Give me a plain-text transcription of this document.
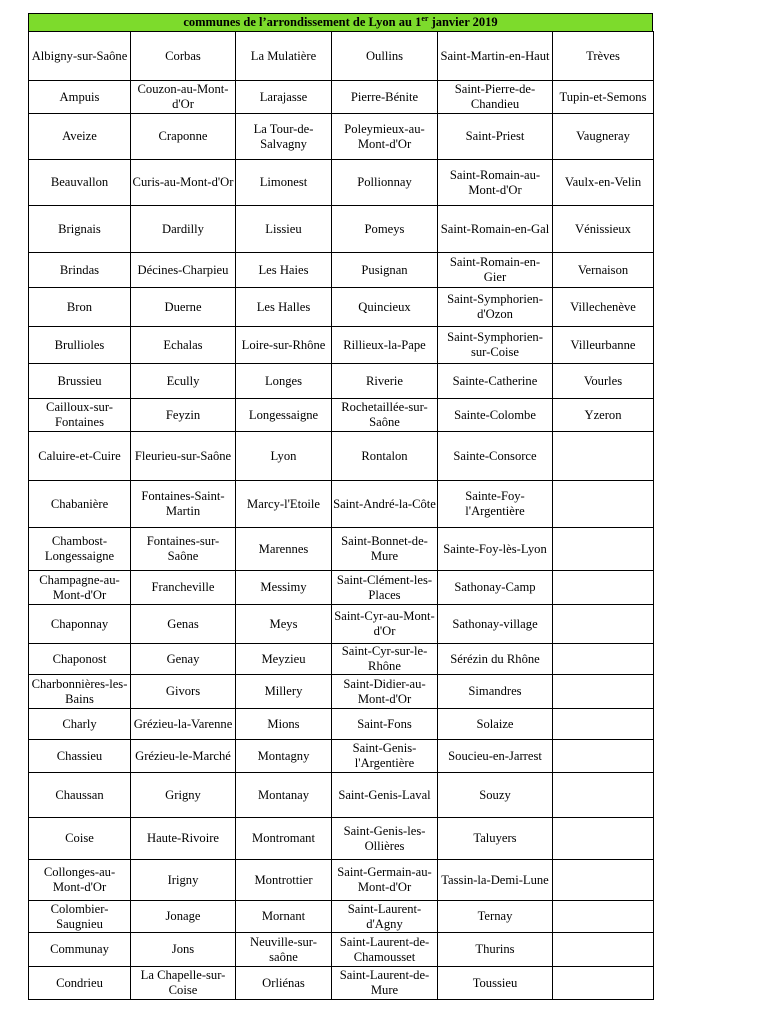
communes de l’arrondissement de Lyon au 1er janvier 2019
Albigny-sur-Saône	Corbas	La Mulatière	Oullins	Saint-Martin-en-Haut	Trèves
Ampuis	Couzon-au-Mont-d'Or	Larajasse	Pierre-Bénite	Saint-Pierre-de-Chandieu	Tupin-et-Semons
Aveize	Craponne	La Tour-de-Salvagny	Poleymieux-au-Mont-d'Or	Saint-Priest	Vaugneray
Beauvallon	Curis-au-Mont-d'Or	Limonest	Pollionnay	Saint-Romain-au-Mont-d'Or	Vaulx-en-Velin
Brignais	Dardilly	Lissieu	Pomeys	Saint-Romain-en-Gal	Vénissieux
Brindas	Décines-Charpieu	Les Haies	Pusignan	Saint-Romain-en-Gier	Vernaison
Bron	Duerne	Les Halles	Quincieux	Saint-Symphorien-d'Ozon	Villechenève
Brullioles	Echalas	Loire-sur-Rhône	Rillieux-la-Pape	Saint-Symphorien-sur-Coise	Villeurbanne
Brussieu	Ecully	Longes	Riverie	Sainte-Catherine	Vourles
Cailloux-sur-Fontaines	Feyzin	Longessaigne	Rochetaillée-sur-Saône	Sainte-Colombe	Yzeron
Caluire-et-Cuire	Fleurieu-sur-Saône	Lyon	Rontalon	Sainte-Consorce	
Chabanière	Fontaines-Saint-Martin	Marcy-l'Etoile	Saint-André-la-Côte	Sainte-Foy-l'Argentière	
Chambost-Longessaigne	Fontaines-sur-Saône	Marennes	Saint-Bonnet-de-Mure	Sainte-Foy-lès-Lyon	
Champagne-au-Mont-d'Or	Francheville	Messimy	Saint-Clément-les-Places	Sathonay-Camp	
Chaponnay	Genas	Meys	Saint-Cyr-au-Mont-d'Or	Sathonay-village	
Chaponost	Genay	Meyzieu	Saint-Cyr-sur-le-Rhône	Sérézin du Rhône	
Charbonnières-les-Bains	Givors	Millery	Saint-Didier-au-Mont-d'Or	Simandres	
Charly	Grézieu-la-Varenne	Mions	Saint-Fons	Solaize	
Chassieu	Grézieu-le-Marché	Montagny	Saint-Genis-l'Argentière	Soucieu-en-Jarrest	
Chaussan	Grigny	Montanay	Saint-Genis-Laval	Souzy	
Coise	Haute-Rivoire	Montromant	Saint-Genis-les-Ollières	Taluyers	
Collonges-au-Mont-d'Or	Irigny	Montrottier	Saint-Germain-au-Mont-d'Or	Tassin-la-Demi-Lune	
Colombier-Saugnieu	Jonage	Mornant	Saint-Laurent-d'Agny	Ternay	
Communay	Jons	Neuville-sur-saône	Saint-Laurent-de-Chamousset	Thurins	
Condrieu	La Chapelle-sur-Coise	Orliénas	Saint-Laurent-de-Mure	Toussieu	
